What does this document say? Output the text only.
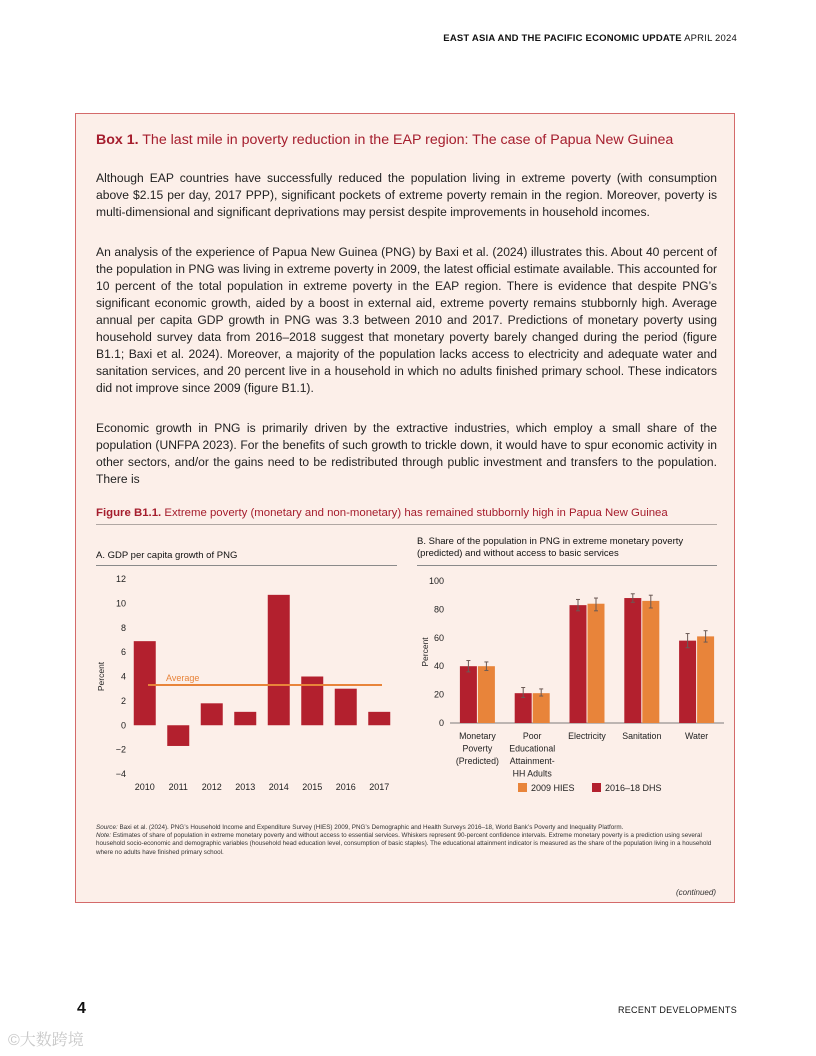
EAST ASIA AND THE PACIFIC ECONOMIC UPDATE APRIL 2024
Box 1. The last mile in poverty reduction in the EAP region: The case of Papua New Guinea

Although EAP countries have successfully reduced the population living in extreme poverty (with consumption above $2.15 per day, 2017 PPP), significant pockets of extreme poverty remain in the region. Moreover, poverty is multi-dimensional and significant deprivations may persist despite improvements in household incomes.

An analysis of the experience of Papua New Guinea (PNG) by Baxi et al. (2024) illustrates this. About 40 percent of the population in PNG was living in extreme poverty in 2009, the latest official estimate available. This accounted for 10 percent of the total population in extreme poverty in the EAP region. There is evidence that despite PNG’s significant economic growth, aided by a boost in external aid, extreme poverty remains stubbornly high. Average annual per capita GDP growth in PNG was 3.3 between 2010 and 2017. Predictions of monetary poverty using household survey data from 2016–2018 suggest that monetary poverty barely changed during the period (figure B1.1; Baxi et al. 2024). Moreover, a majority of the population lacks access to electricity and adequate water and sanitation services, and 20 percent live in a household in which no adults finished primary school. These indicators did not improve since 2009 (figure B1.1).

Economic growth in PNG is primarily driven by the extractive industries, which employ a small share of the population (UNFPA 2023). For the benefits of such growth to trickle down, it would have to spur economic activity in other sectors, and/or the gains need to be redistributed through public investment and transfers to the population. There is

Figure B1.1. Extreme poverty (monetary and non-monetary) has remained stubbornly high in Papua New Guinea
A. GDP per capita growth of PNG
12
10
8
6
4
2
0
−2
−4
Percent
2010 2011 2012 2013 2014 2015 2016 2017
Average
B. Share of the population in PNG in extreme monetary poverty (predicted) and without access to basic services
100
80
60
40
20
0
Percent
Monetary
Poverty
(Predicted)
Poor
Educational
Attainment-
HH Adults
Electricity Sanitation	Water
2009 HIES	2016–18 DHS
Source: Baxi et al. (2024). PNG’s Household Income and Expenditure Survey (HIES) 2009, PNG’s Demographic and Health Surveys 2016–18, World Bank’s Poverty and Inequality Platform.
Note: Estimates of share of population in extreme monetary poverty and without access to essential services. Whiskers represent 90-percent confidence intervals. Extreme monetary poverty is a prediction using several household socio-economic and demographic variables (household head education level, consumption of basic staples). The educational attainment indicator is measured as the share of the population living in a household where no adults have finished primary school.
(continued)
4	RECENT DEVELOPMENTS
©大数跨境
